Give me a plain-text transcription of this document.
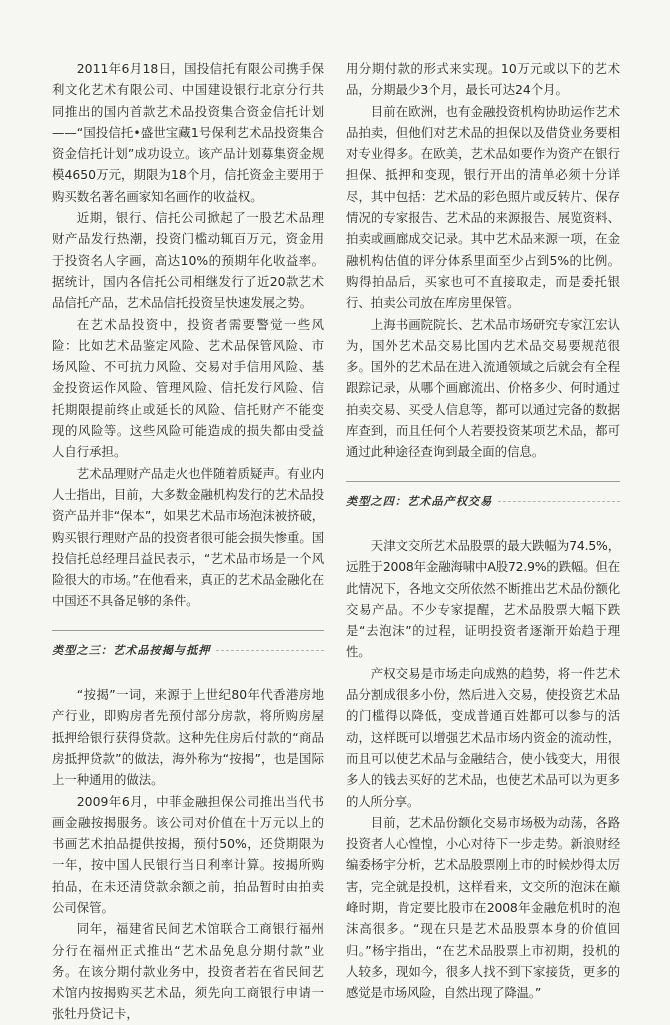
2011年6月18日，国投信托有限公司携手保利文化艺术有限公司、中国建设银行北京分行共同推出的国内首款艺术品投资集合资金信托计划——“国投信托•盛世宝藏1号保利艺术品投资集合资金信托计划”成功设立。该产品计划募集资金规模4650万元，期限为18个月，信托资金主要用于购买数名著名画家知名画作的收益权。

近期，银行、信托公司掀起了一股艺术品理财产品发行热潮，投资门槛动辄百万元，资金用于投资名人字画，高达10%的预期年化收益率。据统计，国内各信托公司相继发行了近20款艺术品信托产品，艺术品信托投资呈快速发展之势。

在艺术品投资中，投资者需要警觉一些风险：比如艺术品鉴定风险、艺术品保管风险、市场风险、不可抗力风险、交易对手信用风险、基金投资运作风险、管理风险、信托发行风险、信托期限提前终止或延长的风险、信托财产不能变现的风险等。这些风险可能造成的损失都由受益人自行承担。

艺术品理财产品走火也伴随着质疑声。有业内人士指出，目前，大多数金融机构发行的艺术品投资产品并非“保本”，如果艺术品市场泡沫被挤破，购买银行理财产品的投资者很可能会损失惨重。国投信托总经理吕益民表示，“艺术品市场是一个风险很大的市场。”在他看来，真正的艺术品金融化在中国还不具备足够的条件。

类型之三：艺术品按揭与抵押

“按揭”一词，来源于上世纪80年代香港房地产行业，即购房者先预付部分房款，将所购房屋抵押给银行获得贷款。这种先住房后付款的“商品房抵押贷款”的做法，海外称为“按揭”，也是国际上一种通用的做法。

2009年6月，中菲金融担保公司推出当代书画金融按揭服务。该公司对价值在十万元以上的书画艺术拍品提供按揭，预付50%，还贷期限为一年，按中国人民银行当日利率计算。按揭所购拍品，在未还清贷款余额之前，拍品暂时由拍卖公司保管。

同年，福建省民间艺术馆联合工商银行福州分行在福州正式推出“艺术品免息分期付款”业务。在该分期付款业务中，投资者若在省民间艺术馆内按揭购买艺术品，须先向工商银行申请一张牡丹贷记卡，

用分期付款的形式来实现。10万元或以下的艺术品，分期最少3个月，最长可达24个月。

目前在欧洲，也有金融投资机构协助运作艺术品拍卖，但他们对艺术品的担保以及借贷业务要相对专业得多。在欧美，艺术品如要作为资产在银行担保、抵押和变现，银行开出的清单必须十分详尽，其中包括：艺术品的彩色照片或反转片、保存情况的专家报告、艺术品的来源报告、展览资料、拍卖或画廊成交记录。其中艺术品来源一项，在金融机构估值的评分体系里面至少占到5%的比例。购得拍品后，买家也可不直接取走，而是委托银行、拍卖公司放在库房里保管。

上海书画院院长、艺术品市场研究专家江宏认为，国外艺术品交易比国内艺术品交易要规范很多。国外的艺术品在进入流通领域之后就会有全程跟踪记录，从哪个画廊流出、价格多少、何时通过拍卖交易、买受人信息等，都可以通过完备的数据库查到，而且任何个人若要投资某项艺术品，都可通过此种途径查询到最全面的信息。

类型之四：艺术品产权交易

天津文交所艺术品股票的最大跌幅为74.5%，远胜于2008年金融海啸中A股72.9%的跌幅。但在此情况下，各地文交所依然不断推出艺术品份额化交易产品。不少专家提醒，艺术品股票大幅下跌是“去泡沫”的过程，证明投资者逐渐开始趋于理性。

产权交易是市场走向成熟的趋势，将一件艺术品分割成很多小份，然后进入交易，使投资艺术品的门槛得以降低，变成普通百姓都可以参与的活动，这样既可以增强艺术品市场内资金的流动性，而且可以使艺术品与金融结合，使小钱变大，用很多人的钱去买好的艺术品，也使艺术品可以为更多的人所分享。

目前，艺术品份额化交易市场极为动荡，各路投资者人心惶惶，小心对待下一步走势。新浪财经编委杨宇分析，艺术品股票刚上市的时候炒得太厉害，完全就是投机，这样看来，文交所的泡沫在巅峰时期，肯定要比股市在2008年金融危机时的泡沫高很多。“现在只是艺术品股票本身的价值回归。”杨宇指出，“在艺术品股票上市初期，投机的人较多，现如今，很多人找不到下家接货，更多的感觉是市场风险，自然出现了降温。”
